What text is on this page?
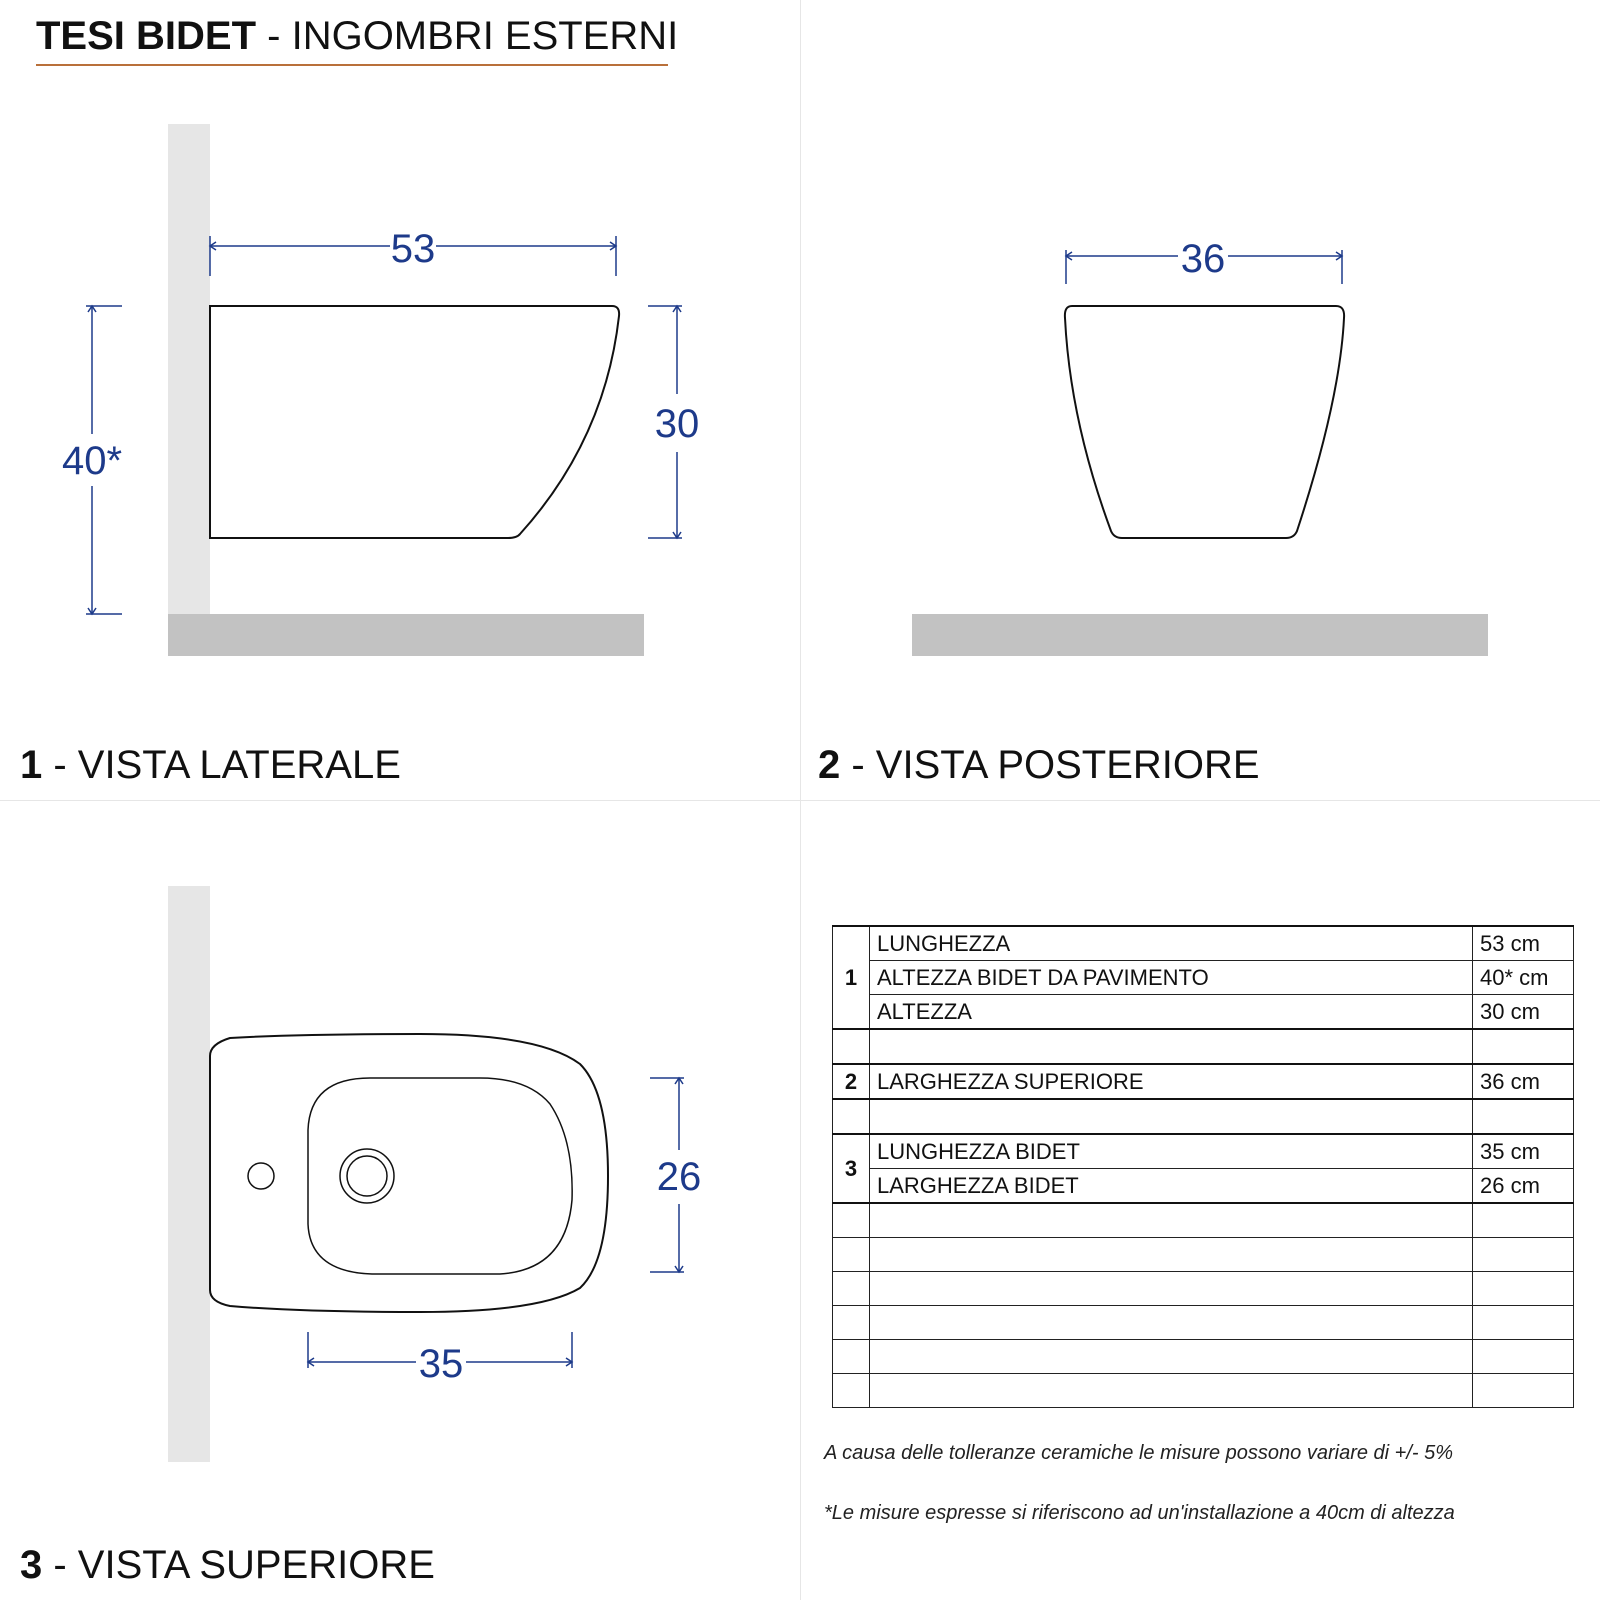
TESI BIDET - INGOMBRI ESTERNI
53
40*
30
36
35
26
1 - VISTA LATERALE	2 - VISTA POSTERIORE
3 - VISTA SUPERIORE
1	LUNGHEZZA	53 cm
	ALTEZZA BIDET DA PAVIMENTO	40* cm
	ALTEZZA	30 cm

2	LARGHEZZA SUPERIORE	36 cm

3	LUNGHEZZA BIDET	35 cm
	LARGHEZZA BIDET	26 cm

A causa delle tolleranze ceramiche le misure possono variare di +/- 5%
*Le misure espresse si riferiscono ad un'installazione a 40cm di altezza
